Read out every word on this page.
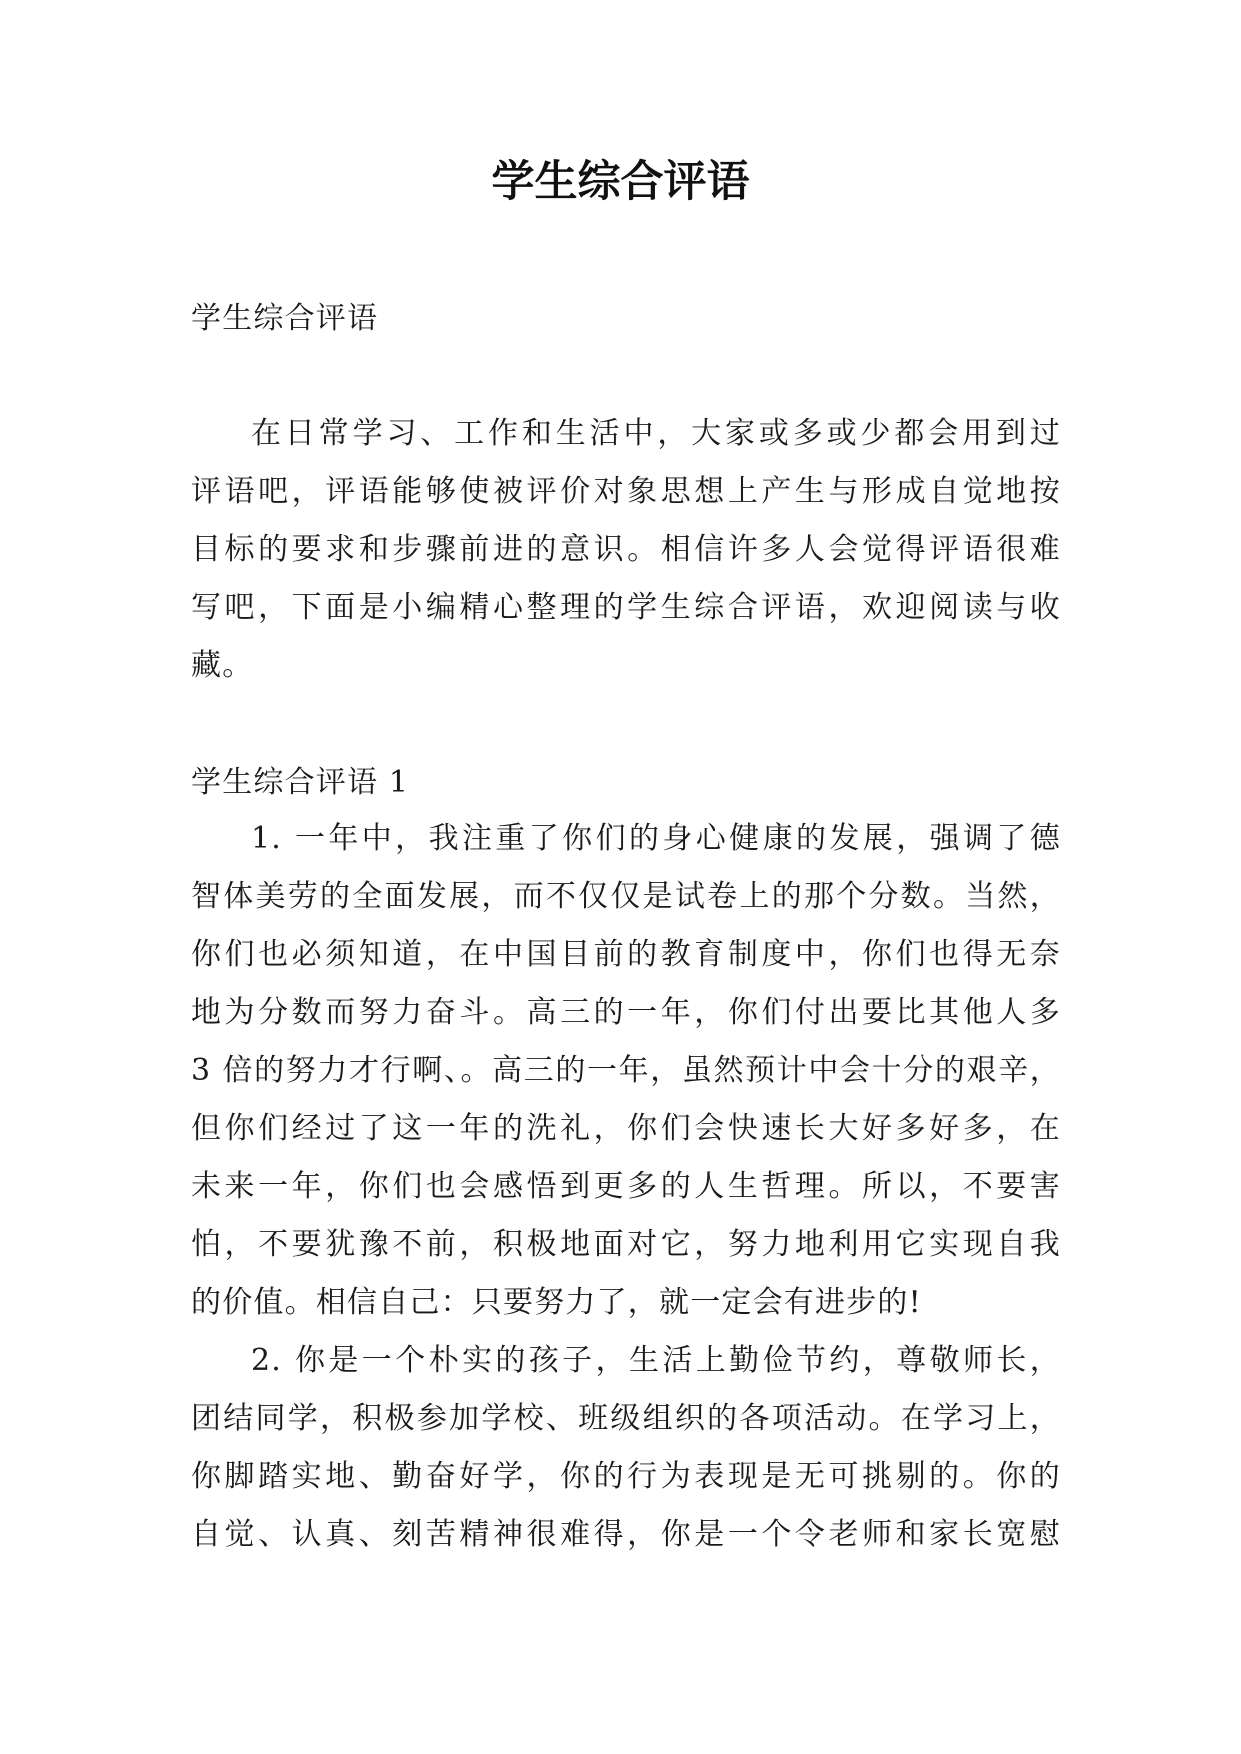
学生综合评语

学生综合评语

在日常学习、工作和生活中，大家或多或少都会用到过

评语吧，评语能够使被评价对象思想上产生与形成自觉地按

目标的要求和步骤前进的意识。相信许多人会觉得评语很难

写吧，下面是小编精心整理的学生综合评语，欢迎阅读与收

藏。

学生综合评语 1

1. 一年中，我注重了你们的身心健康的发展，强调了德

智体美劳的全面发展，而不仅仅是试卷上的那个分数。当然，

你们也必须知道，在中国目前的教育制度中，你们也得无奈

地为分数而努力奋斗。高三的一年，你们付出要比其他人多

3 倍的努力才行啊、。高三的一年，虽然预计中会十分的艰辛，

但你们经过了这一年的洗礼，你们会快速长大好多好多，在

未来一年，你们也会感悟到更多的人生哲理。所以，不要害

怕，不要犹豫不前，积极地面对它，努力地利用它实现自我

的价值。相信自己：只要努力了，就一定会有进步的!

2. 你是一个朴实的孩子，生活上勤俭节约，尊敬师长，

团结同学，积极参加学校、班级组织的各项活动。在学习上，

你脚踏实地、勤奋好学，你的行为表现是无可挑剔的。你的

自觉、认真、刻苦精神很难得，你是一个令老师和家长宽慰
